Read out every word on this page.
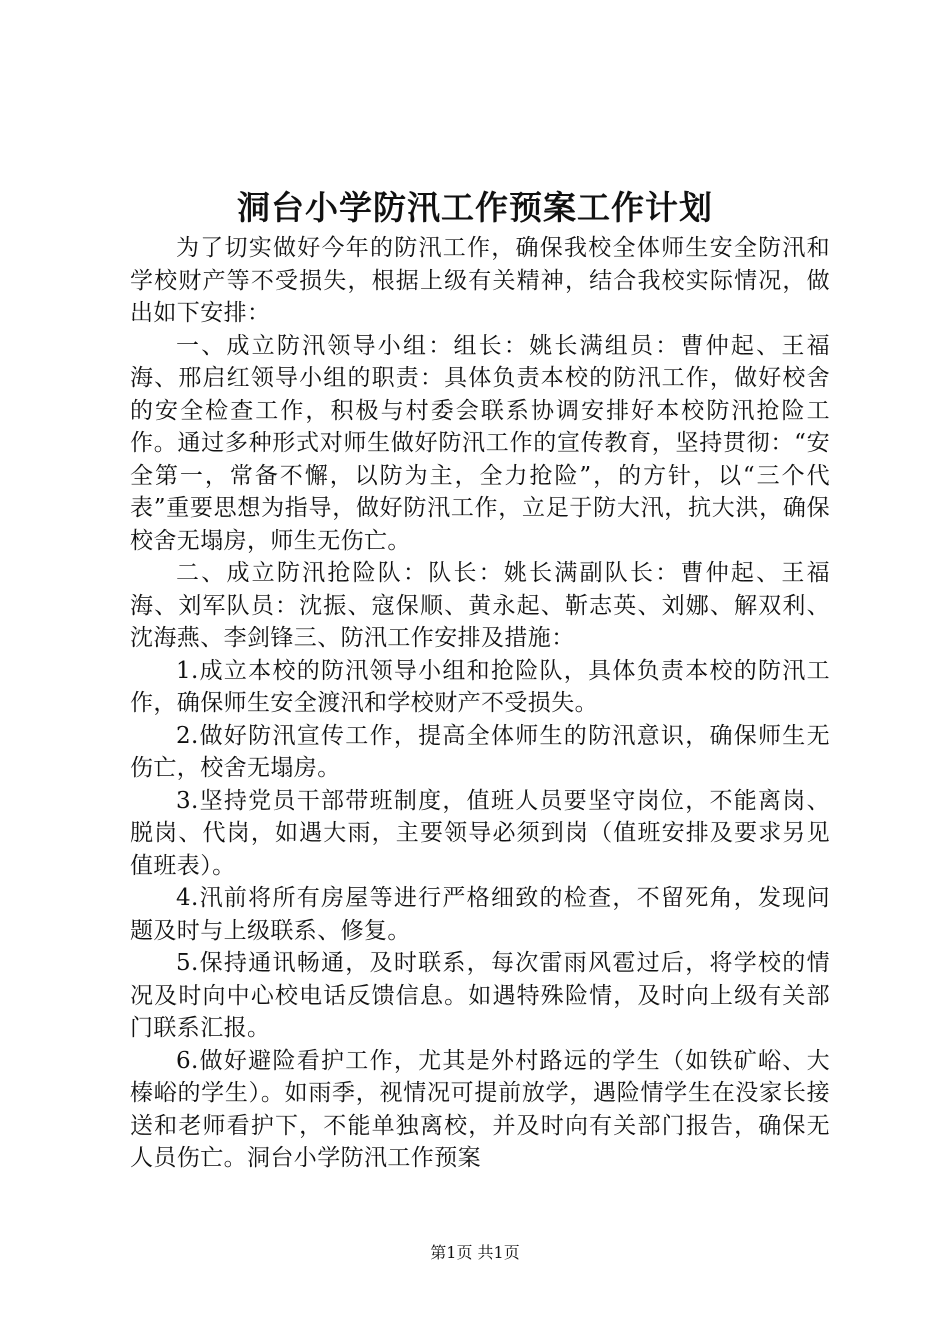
洞台小学防汛工作预案工作计划

为了切实做好今年的防汛工作，确保我校全体师生安全防汛和学校财产等不受损失，根据上级有关精神，结合我校实际情况，做出如下安排：

一、成立防汛领导小组：组长：姚长满组员：曹仲起、王福海、邢启红领导小组的职责：具体负责本校的防汛工作，做好校舍的安全检查工作，积极与村委会联系协调安排好本校防汛抢险工作。通过多种形式对师生做好防汛工作的宣传教育，坚持贯彻：“安全第一，常备不懈，以防为主，全力抢险”，的方针，以“三个代表”重要思想为指导，做好防汛工作，立足于防大汛，抗大洪，确保校舍无塌房，师生无伤亡。

二、成立防汛抢险队：队长：姚长满副队长：曹仲起、王福海、刘军队员：沈振、寇保顺、黄永起、靳志英、刘娜、解双利、沈海燕、李剑锋三、防汛工作安排及措施：

1.成立本校的防汛领导小组和抢险队，具体负责本校的防汛工作，确保师生安全渡汛和学校财产不受损失。

2.做好防汛宣传工作，提高全体师生的防汛意识，确保师生无伤亡，校舍无塌房。

3.坚持党员干部带班制度，值班人员要坚守岗位，不能离岗、脱岗、代岗，如遇大雨，主要领导必须到岗（值班安排及要求另见值班表）。

4.汛前将所有房屋等进行严格细致的检查，不留死角，发现问题及时与上级联系、修复。

5.保持通讯畅通，及时联系，每次雷雨风雹过后，将学校的情况及时向中心校电话反馈信息。如遇特殊险情，及时向上级有关部门联系汇报。

6.做好避险看护工作，尤其是外村路远的学生（如铁矿峪、大榛峪的学生）。如雨季，视情况可提前放学，遇险情学生在没家长接送和老师看护下，不能单独离校，并及时向有关部门报告，确保无人员伤亡。洞台小学防汛工作预案

第1页 共1页
